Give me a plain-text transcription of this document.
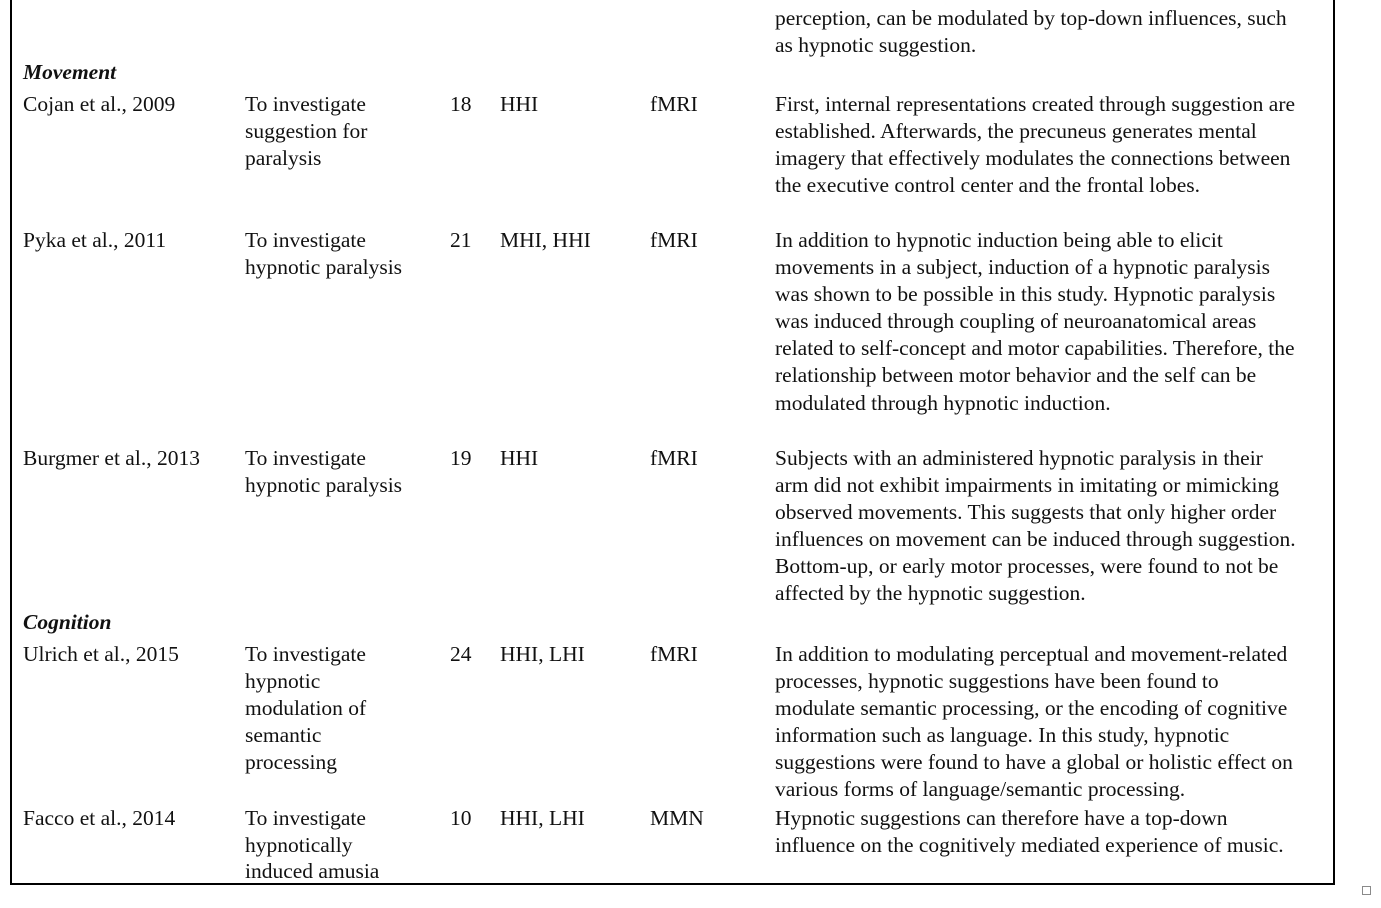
perception, can be modulated by top-down influences, such
as hypnotic suggestion.
Movement
Cojan et al., 2009	To investigate
suggestion for
paralysis
18 HHI	fMRI	First, internal representations created through suggestion are
established. Afterwards, the precuneus generates mental
imagery that effectively modulates the connections between
the executive control center and the frontal lobes.
Pyka et al., 2011	To investigate
hypnotic paralysis
21 MHI, HHI	fMRI	In addition to hypnotic induction being able to elicit
movements in a subject, induction of a hypnotic paralysis
was shown to be possible in this study. Hypnotic paralysis
was induced through coupling of neuroanatomical areas
related to self-concept and motor capabilities. Therefore, the
relationship between motor behavior and the self can be
modulated through hypnotic induction.
Burgmer et al., 2013 To investigate
hypnotic paralysis
19 HHI	fMRI	Subjects with an administered hypnotic paralysis in their
arm did not exhibit impairments in imitating or mimicking
observed movements. This suggests that only higher order
influences on movement can be induced through suggestion.
Bottom-up, or early motor processes, were found to not be
affected by the hypnotic suggestion.
Cognition
Ulrich et al., 2015	To investigate
hypnotic
modulation of
semantic
processing
24 HHI, LHI	fMRI	In addition to modulating perceptual and movement-related
processes, hypnotic suggestions have been found to
modulate semantic processing, or the encoding of cognitive
information such as language. In this study, hypnotic
suggestions were found to have a global or holistic effect on
various forms of language/semantic processing.
Facco et al., 2014	To investigate
hypnotically
induced amusia
10 HHI, LHI	MMN	Hypnotic suggestions can therefore have a top-down
influence on the cognitively mediated experience of music.
